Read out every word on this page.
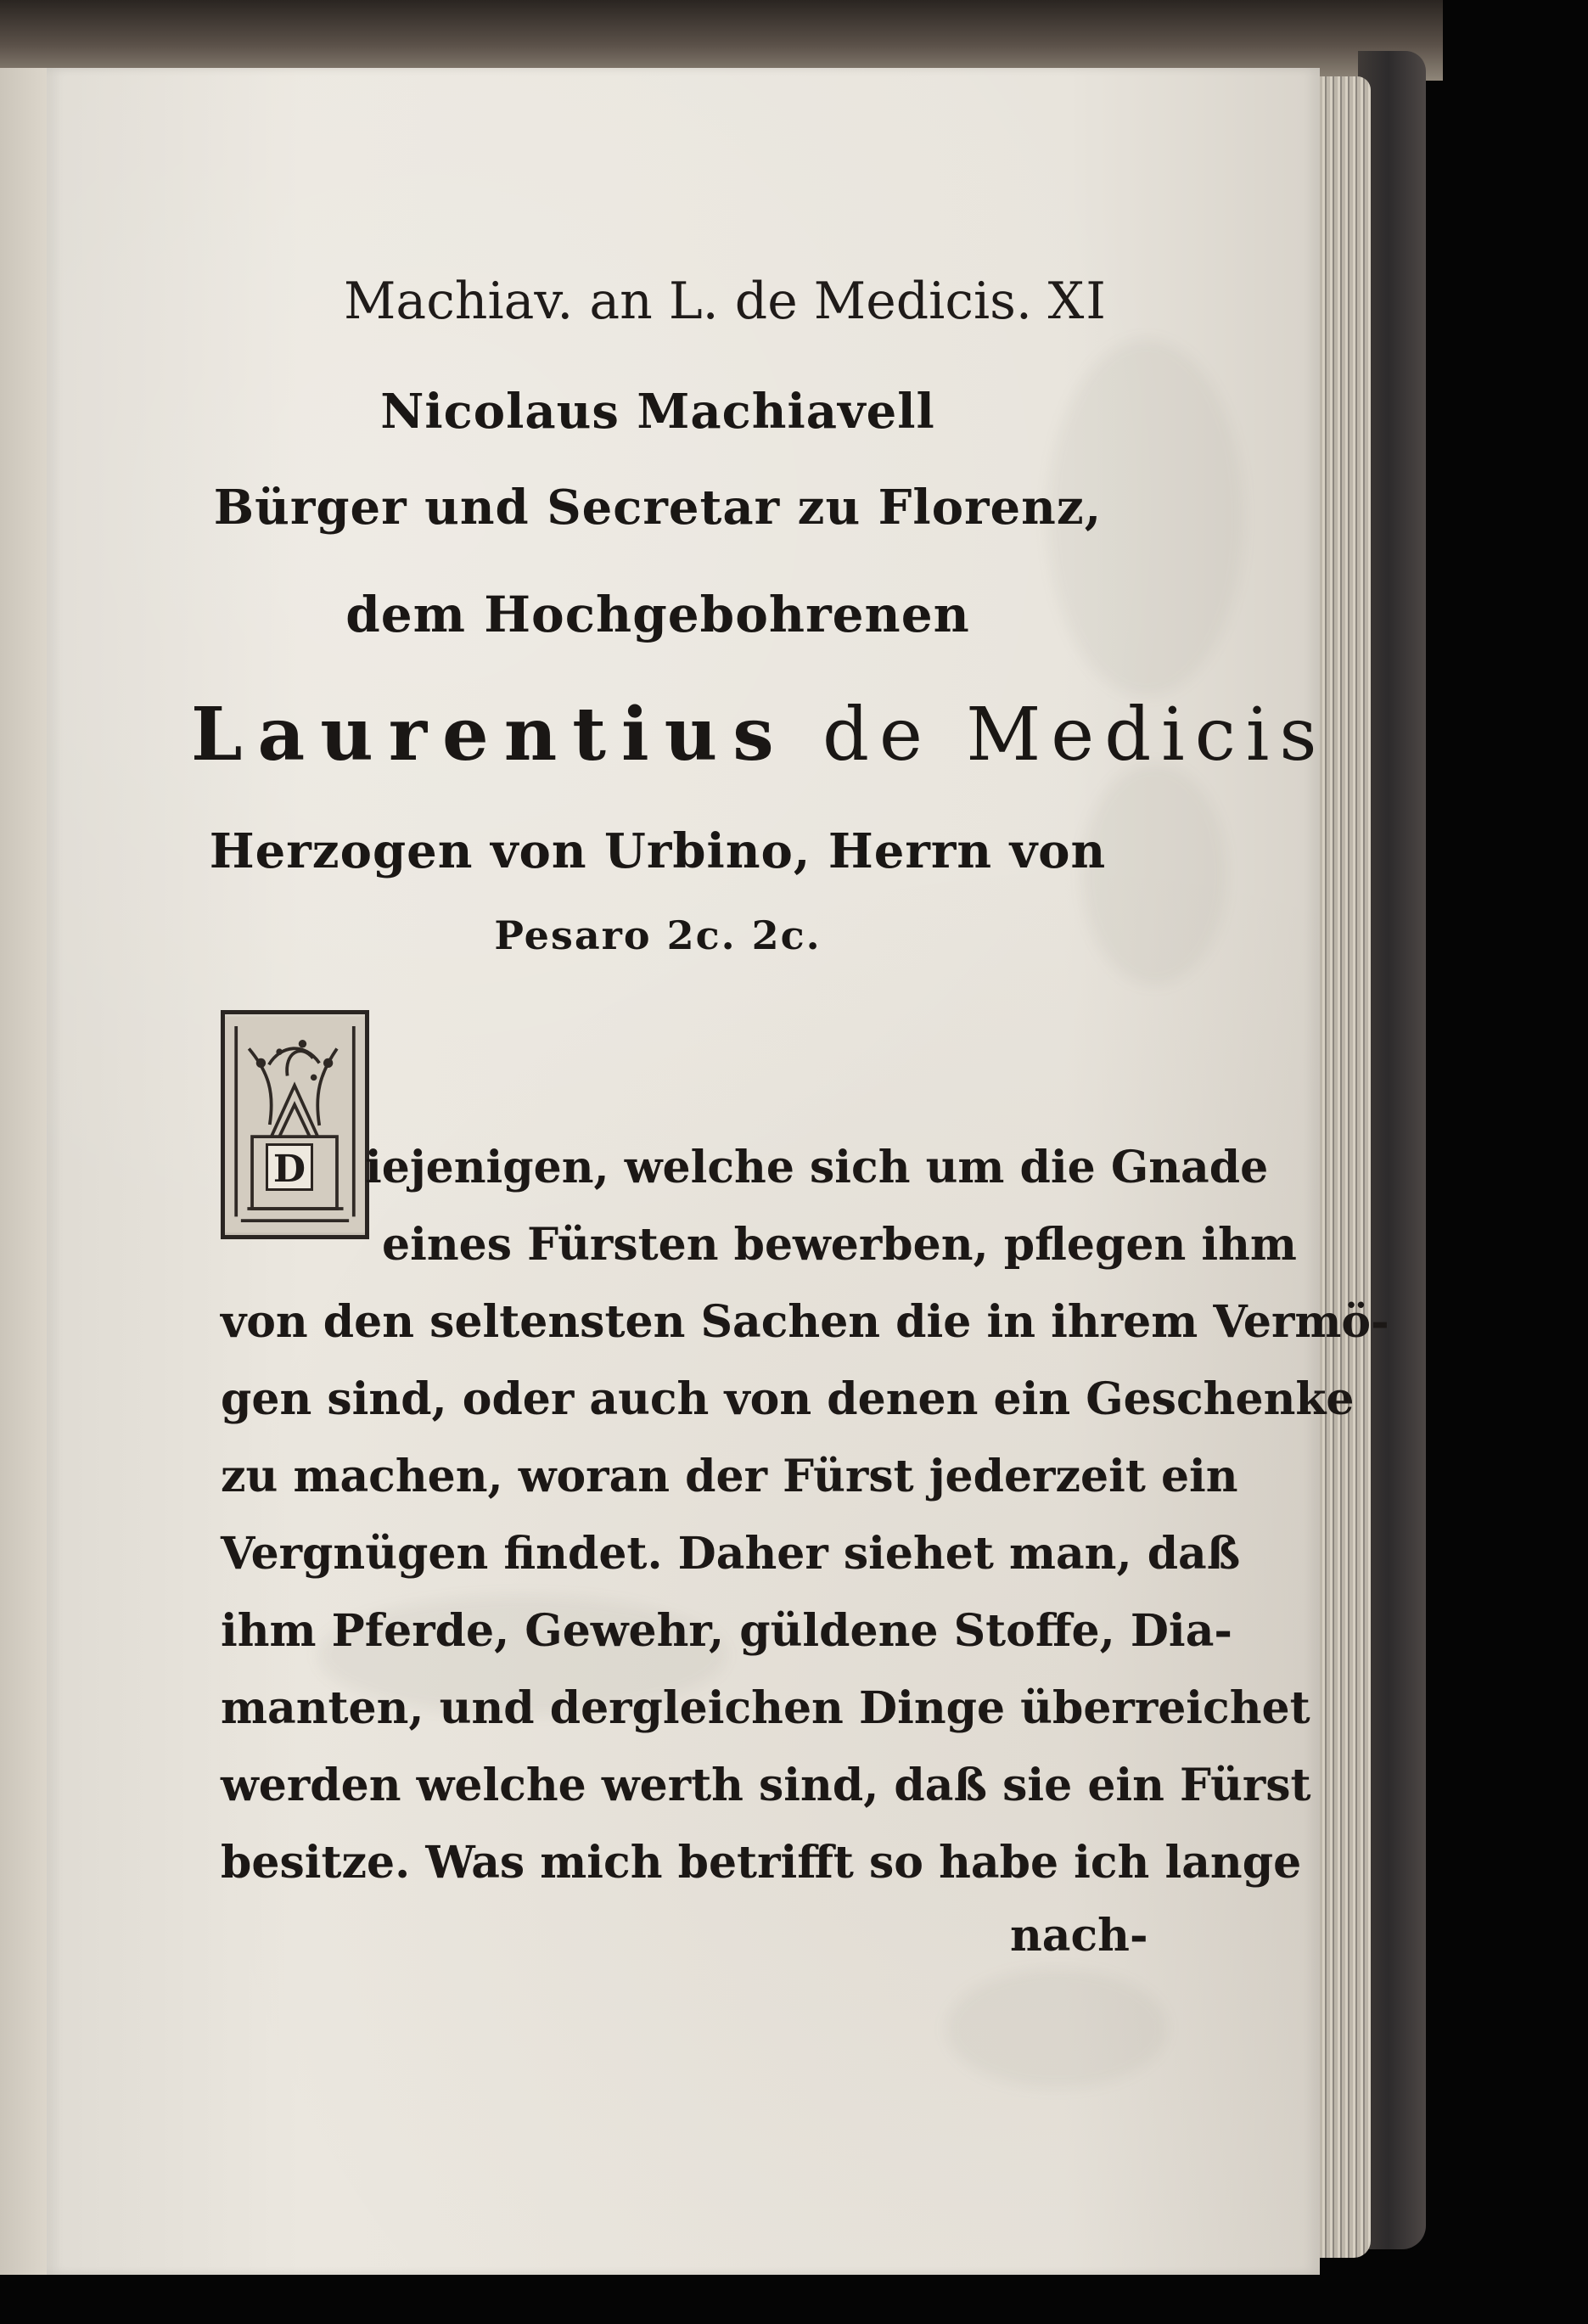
Machiav. an L. de Medicis. XI
Nicolaus Machiavell
Bürger und Secretar zu Florenz,
dem Hochgebohrenen
Laurentius de Medicis
Herzogen von Urbino, Herrn von
Pesaro 2c. 2c.
D iejenigen, welche sich um die Gnade
eines Fürsten bewerben, pflegen ihm
von den seltensten Sachen die in ihrem Vermö-
gen sind, oder auch von denen ein Geschenke
zu machen, woran der Fürst jederzeit ein
Vergnügen findet. Daher siehet man, daß
ihm Pferde, Gewehr, güldene Stoffe, Dia-
manten, und dergleichen Dinge überreichet
werden welche werth sind, daß sie ein Fürst
besitze. Was mich betrifft so habe ich lange
nach-
